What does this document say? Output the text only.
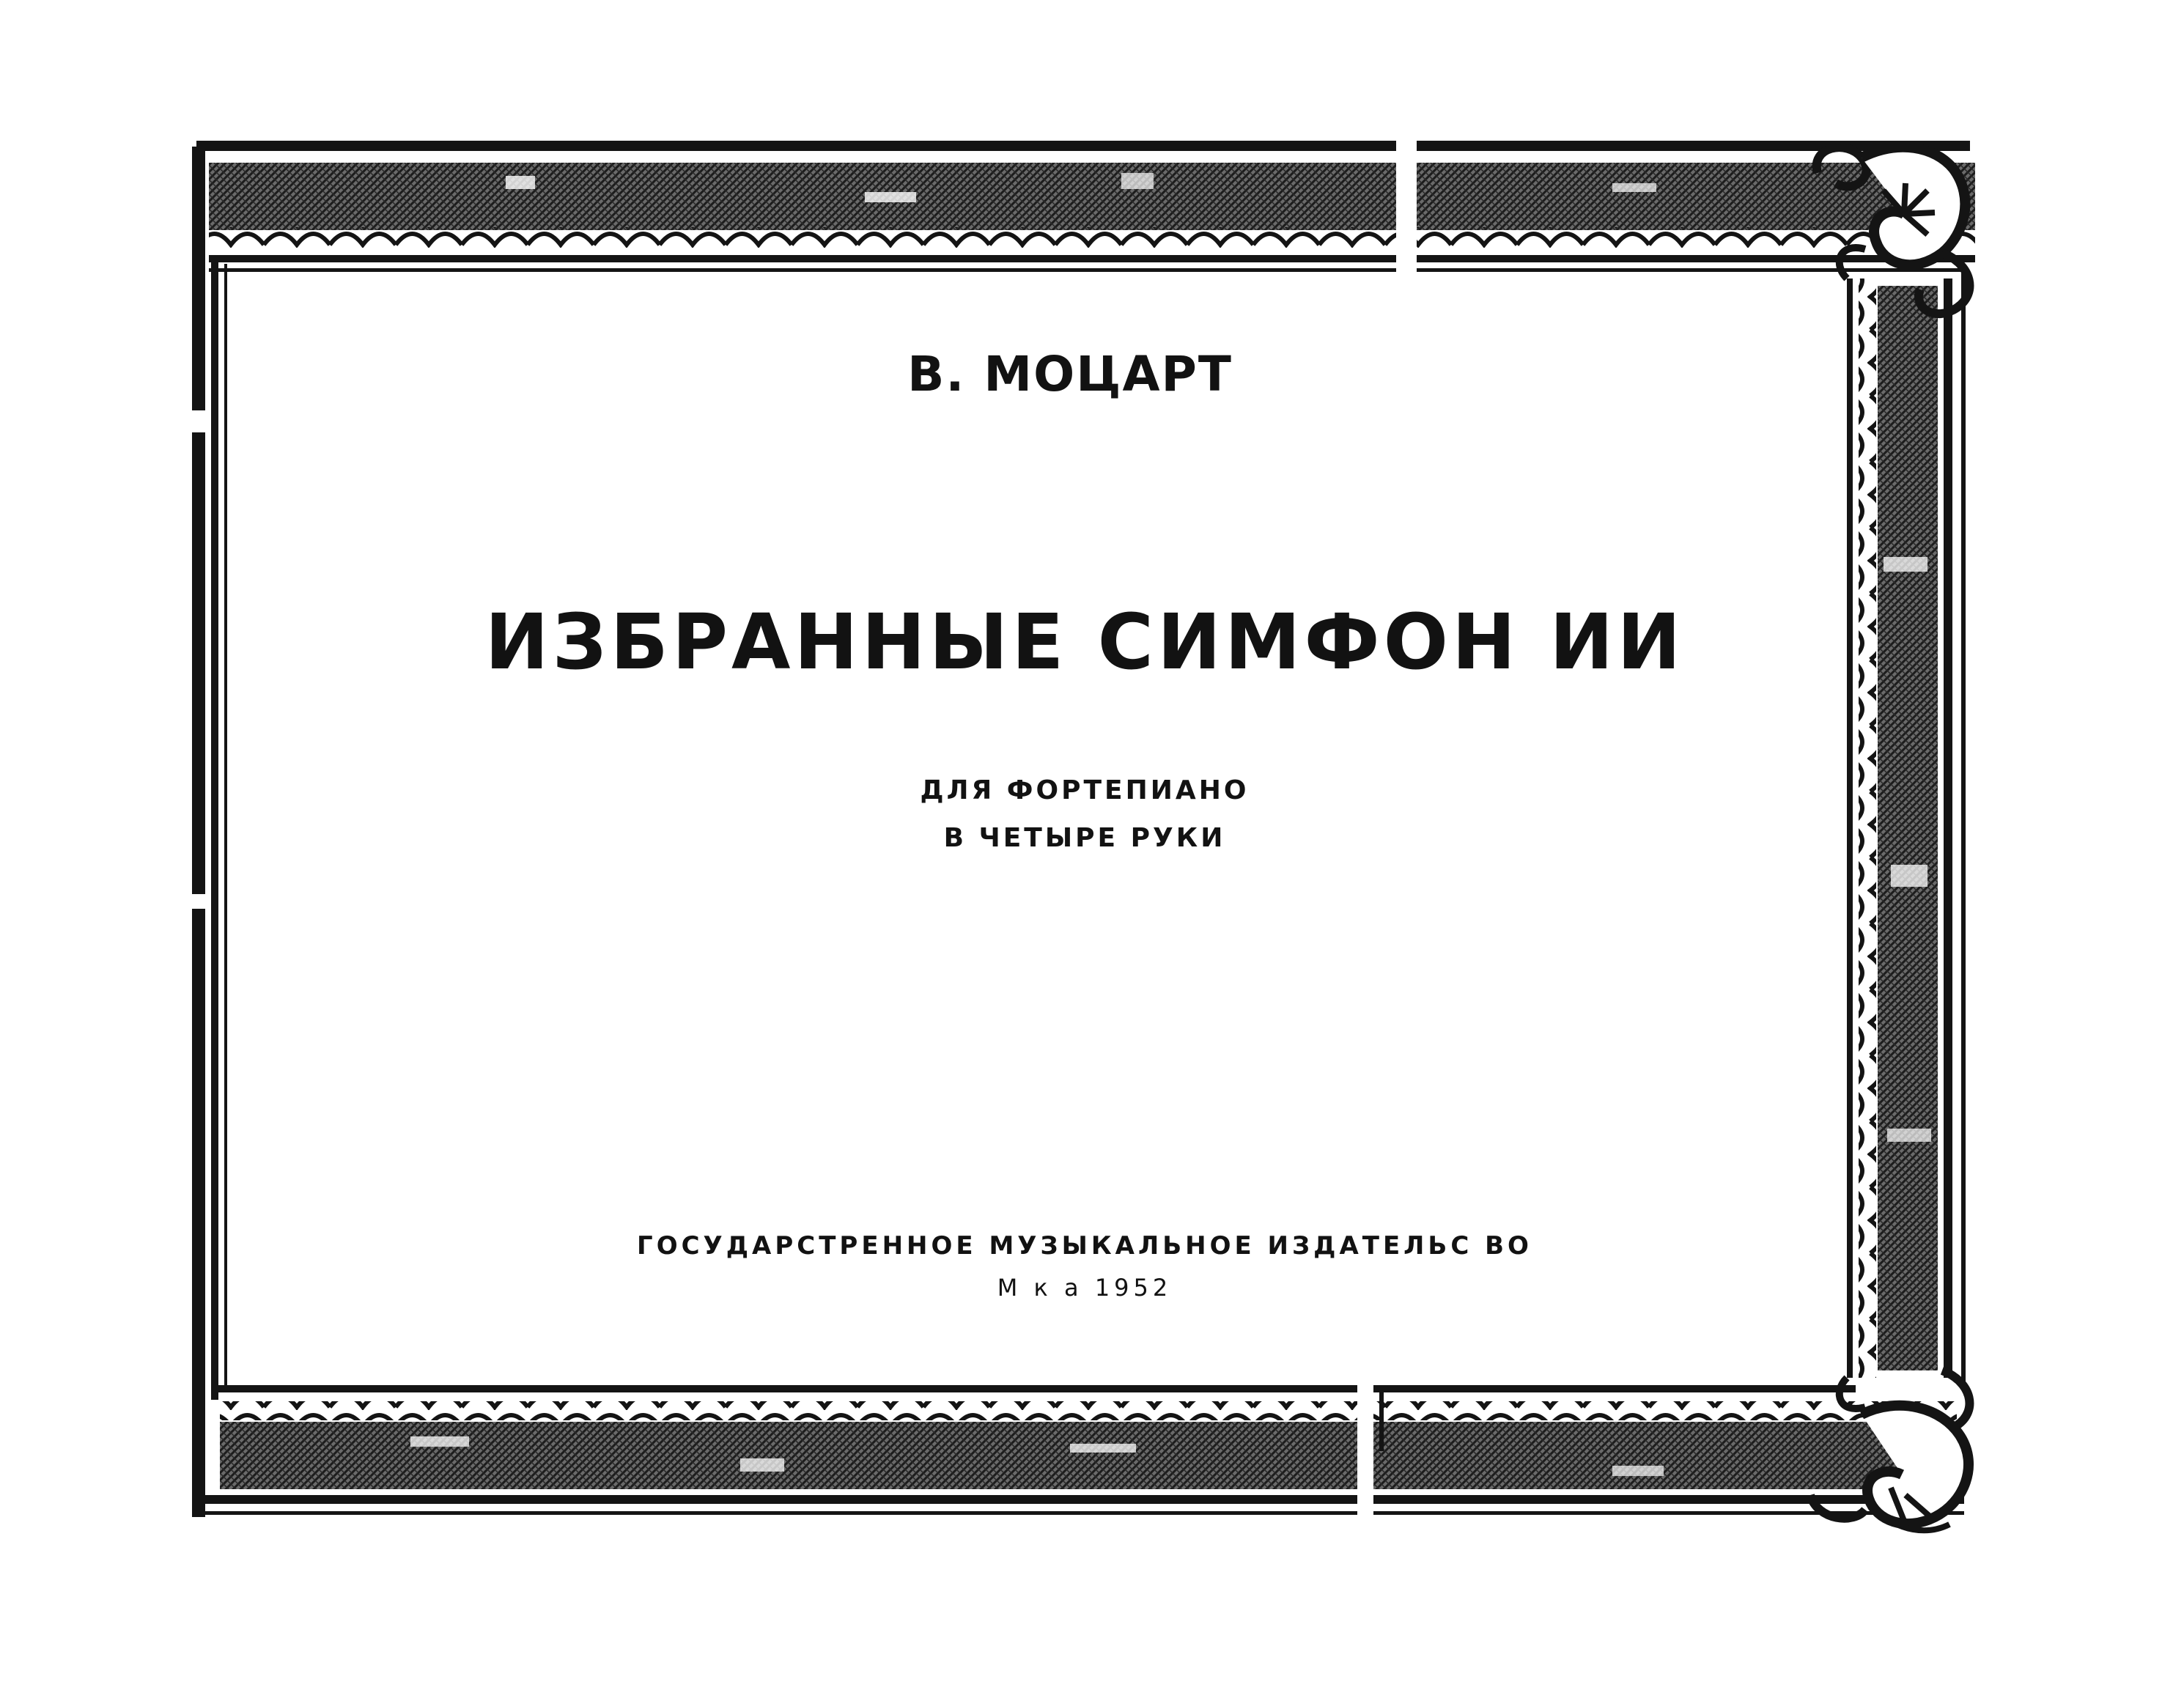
В. МОЦАРТ
ИЗБРАННЫЕ СИМФОН ИИ
ДЛЯ ФОРТЕПИАНО
В ЧЕТЫРЕ РУКИ
ГОСУДАРСТРЕННОЕ МУЗЫКАЛЬНОЕ ИЗДАТЕЛЬС ВО
М к а 1952
